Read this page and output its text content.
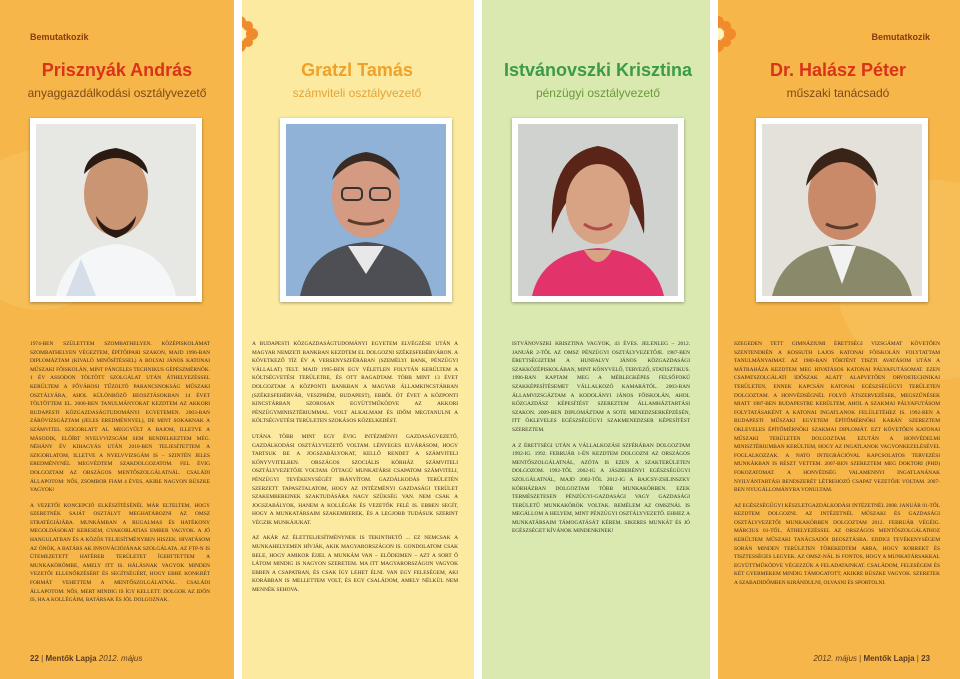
Bemutatkozik
Prisznyák András
anyaggazdálkodási osztályvezető

1974-BEN SZÜLETTEM SZOMBATHELYEN. KÖZÉPISKOLÁMAT SZOMBATHELYEN VÉGEZTEM, ÉPÍTŐIPARI SZAKON, MAJD 1996-BAN DIPLOMÁZTAM (KIVALÓ MINŐSÍTÉSSEL) A BOLYAI JÁNOS KATONAI MŰSZAKI FŐISKOLÁN, MINT PÁNCELES TECHNIKUS GÉPÉSZMÉRNÖK. 1 ÉV ASSODON TÖLTÖTT SZOLGÁLAT UTÁN ÁTHELYEZÉSSEL KERÜLTEM A FŐVÁROSI TŰZOLTÓ PARANCSNOKSÁG MŰSZAKI OSZTÁLYÁRA, AHOL KÜLÖNBÖZŐ BEOSZTÁSOKBAN 14 ÉVET TÖLTÖTTEM EL. 2000-BEN TANULMÁNYOKAT KEZDTEM AZ AKKORI BUDAPESTI KÖZGAZDASÁGTUDOMÁNYI EGYETEMEN. 2003-BAN ZÁRÓVIZSGÁZTAM (JELES EREDMÉNNYEL), DE MINT SOKAKNAK A SZÁMVITEL SZIGORLATT AL MEGGYŰLT A BAJOM, ILLETVE A MÁSODIK, ELŐÍRT NYELVVIZSGÁM SEM RENDELKEZTEM MÉG. NÉHÁNY ÉV KIHAGYÁS UTÁN 2010-BEN TELJESÍTETTEM A SZIGORLATOM, ILLETVE A NYELVVIZSGÁM IS – SZINTÉN JELES EREDMÉNYNÉL MEGVÉDTEM SZAKDOLGOZATOM. FEL ÉVIG DOLGOZTAM AZ ORSZÁGOS MENTŐSZOLGÁLATNÁL. CSALÁDI ÁLLAPOTOM: NŐS, ZSOMBOR FIAM 4 ÉVES, AKIRE NAGYON BÜSZKE VAGYOK!

A VEZETŐI KONCEPCIÓ ELKÉSZÍTÉSÉNÉL MÁR ELTELTEM, HOGY SZERETNÉK SAJÁT OSZTÁLYT MEGHATÁROZNI AZ OMSZ STRATÉGIÁJÁBA. MUNKÁMBAN A RUGALMAS ÉS HATÉKONY MEGOLDÁSOKAT KERESEM, GYAKORLATIAS EMBER VAGYOK. A JÓ HANGULATBAN ÉS A KÖZÖS TELJESÍTMÉNYBEN HISZEK. HIVATÁSOM AZ ÖNÖK, A BATÁRS AK INNOVÁCIÓJÁNAK SZOLGÁLATA. AZ FTP-N IS ÜTEMEZETETT HATÉREB TERÜLETET ÍGERTTETTEM A MUNKAKÖRÖMBE, AMELY ITT IS. HÁLÁSNAK VAGYOK MINDEN VEZETŐI ELLENŐRZÉSÉRT ÉS SEGÍTSÉGÉRT, HOGY EBBE KONKRÉT FORMÁT VEHETTEM A MENTŐSZOLGÁLATNÁL. CSALÁDI ÁLLAPOTOM: NŐS, MERT MINDIG IS ÍGY KELLETT. DOLGOK AZ IDŐN IS, HA A KOLLÉGÁIM, BATÁRSAK ÉS JÓL DOLGOZNAK.

22 | Mentők Lapja 2012. május
Gratzl Tamás
számviteli osztályvezető

A BUDAPESTI KÖZGAZDASÁGTUDOMÁNYI EGYETEM ELVÉGZÉSE UTÁN A MAGYAR NEMZETI BANKBAN KEZDTEM EL DOLGOZNI SZÉKESFEHÉRVÁRON. A KÖVETKEZŐ TÍZ ÉV A VERSENYSZFÉRÁBAN (SZEMÉLYI BANK, PÉNZÜGYI VÁLLALAT) TELT. MAJD 1995-BEN EGY VÉLETLEN FOLYTÁN KERÜLTEM A KÖLTSÉGVETÉSI TERÜLETRE, ÉS OTT RAGADTAM. TÖBB MINT 13 ÉVET DOLGOZTAM A KÖZPONTI BANKBAN A MAGYAR ÁLLAMKINCSTÁRBAN (SZÉKESFEHÉRVÁR, VESZPRÉM, BUDAPEST), EBBŐL ÖT ÉVET A KÖZPONTI KINCSTÁRBAN SZOROSAN EGYÜTTMŰKÖDVE AZ AKKORI PÉNZÜGYMINISZTÉRIUMMAL. VOLT ALKALMAM ÉS IDŐM MEGTANULNI A KÖLTSÉGVETÉSI TERÜLETEN SZOKÁSOS KÖZELKEDÉST.

UTÁNA TÖBB MINT EGY ÉVIG INTÉZMÉNYI GAZDASÁGVEZETŐ, GAZDÁLKODÁSI OSZTÁLYVEZETŐ VOLTAM. LÉNYEGES ELVÁRÁSOM, HOGY TARTSUK BE A JOGSZABÁLYOKAT, KELLŐ RENDET A SZÁMVITELI KÖNYVVITELBEN. ORSZÁGOS SZOCIÁLIS KÓRHÁZ SZÁMVITELI OSZTÁLYVEZETŐJE VOLTAM. ÖTTAGÚ MUNKATÁRSI CSAPATOM SZÁMVITELI, PÉNZÜGYI TEVÉKENYSÉGÉT IRÁNYÍTOM. GAZDÁLKODÁS TERÜLETÉN SZERZETT TAPASZTALATOM, HOGY AZ INTÉZMÉNYI GAZDASÁGI TERÜLET SZAKEMBEREINEK SZAKTUDÁSÁRA NAGY SZÜKSÉG VAN. NEM CSAK A JOGSZABÁLYOK, HANEM A KOLLÉGÁK ÉS VEZETŐK FELÉ IS. EBBEN SEGÍT, HOGY A MUNKATÁRSAIM SZAKEMBEREK, ÉS A LEGJOBB TUDÁSUK SZERINT VÉGZIK MUNKÁJUKAT.

AZ AKÁR AZ ÉLETTELJESÍTMÉNYNEK IS TEKINTHETŐ ... EZ NEMCSAK A MUNKAHELYEMEN HÍVJÁK, AKIK MAGYARORSZÁGON IS. GONDOLATOM CSAK BELE, HOGY AMIKOR ÉJJEL A MUNKÁM VAN – ELŐDEIMEN – AZT A SORT Ő LÁTOM MINDIG IS NAGYON SZERETEM. MA ITT MAGYARORSZÁGON VAGYOK EBBEN A CSAPATBAN, ÉS CSAK ÍGY LEHET ÉLNI. VAN EGY FELESÉGEM, AKI KORÁBBAN IS MELLETTEM VOLT, ÉS EGY CSALÁDOM, AMELY NÉLKÜL NEM MENNÉK SEHOVA.

Istvánovszki Krisztina
pénzügyi osztályvezető

ISTVÁNOVSZKI KRISZTINA VAGYOK, 43 ÉVES. JELENLEG – 2012. JANUÁR 2-TŐL AZ OMSZ PÉNZÜGYI OSZTÁLYVEZETŐJE. 1987-BEN ÉRETTSÉGIZTEM A HUNFALVY JÁNOS KÖZGAZDASÁGI SZAKKÖZÉPISKOLÁBAN, MINT KÖNYVELŐ, TERVEZŐ, STATISZTIKUS. 1996-BAN KAPTAM MEG A MÉRLEGKÉPES FELSŐFOKÚ SZAKKÉPESÍTÉSEMET VÁLLALKOZÓ KAMARÁTÓL. 2003-BAN ÁLLAMVIZSGÁZTAM A KODOLÁNYI JÁNOS FŐISKOLÁN, AHOL KÖZGAZDÁSZ KÉPESÍTÉST SZEREZTEM ÁLLAMHÁZTARTÁSI SZAKON. 2009-BEN DIPLOMÁZTAM A SOTE MENEDZSERKÉPZÉSÉN, ITT ÖKLEVELES EGÉSZSÉGÜGYI SZAKMENEDZSER KÉPESÍTÉST SZEREZTEM.

A Z ÉRETTSÉGI UTÁN A VÁLLALKOZÁSI SZFÉRÁBAN DOLGOZTAM 1992-IG. 1992. FEBRUÁR 1-ÉN KEZDTEM DOLGOZNI AZ ORSZÁGOS MENTŐSZOLGÁLATNÁL, AZÓTA IS EZEN A SZAKTERÜLETEN DOLGOZOM. 1992-TŐL 2002-IG A JÁSZBERÉNYI EGÉSZSÉGÜGYI SZOLGÁLATNÁL, MAJD 2002-TŐL 2012-IG A BAJCSY-ZSILINSZKY KÓRHÁZBAN DOLGOZTAM TÖBB MUNKAKÖRBEN. EZEK TERMÉSZETESEN PÉNZÜGYI-GAZDASÁGI VAGY GAZDASÁGI TERÜLETŰ MUNKAKÖRÖK VOLTAK. REMÉLEM AZ OMSZNÁL IS MEGÁLLOM A HELYEM, MINT PÉNZÜGYI OSZTÁLYVEZETŐ. EHHEZ A MUNKATÁRSAIM TÁMOGATÁSÁT KÉREM. SIKERES MUNKÁT ÉS JÓ EGÉSZSÉGET KÍVÁNOK MINDENKINEK!

Bemutatkozik
Dr. Halász Péter
műszaki tanácsadó

SZEGEDEN TETT GIMNÁZIUMI ÉRETTSÉGI VIZSGÁMAT KÖVETŐEN SZENTENDRÉN A KOSSUTH LAJOS KATONAI FŐISKOLÁN FOLYTATTAM TANULMÁNYAIMAT. AZ 1980-BAN TÖRTÉNT TISZTI AVATÁSOM UTÁN A MÁTRAHÁZA KEZDTEM MEG HIVATÁSOS KATONAI PÁLYAFUTÁSOMAT. EZEN CSAPATSZOLGÁLATI IDŐSZAK ALATT ALAPVETŐEN ORVOSTECHNIKAI TERÜLETEN, ENNEK KAPCSÁN KATONAI EGÉSZSÉGÜGYI TERÜLETEN DOLGOZTAM. A HONVÉDSÉGNÉL FOLYÓ ÁTSZERVEZÉSEK, MEGSZŰNÉSEK MIATT 1987-BEN BUDAPESTRE KERÜLTEM, AHOL A SZAKMAI PÁLYAFUTÁSOM FOLYTATÁSAKÉNT A KATONAI INGATLANOK FELÜLETÉHEZ IS. 1992-BEN A BUDAPESTI MŰSZAKI EGYETEM ÉPÍTŐMÉRNÖKI KARÁN SZEREZTEM OKLEVELES ÉPÍTŐMÉRNÖKI SZAKMAI DIPLOMÁT. EZT KÖVETŐEN KATONAI MŰSZAKI TERÜLETEN DOLGOZTAM. EZUTÁN A HONVÉDELMI MINISZTÉRIUMBAN KERÜLTEM, HOGY AZ INGATLANOK VAGYONKEZELÉSÉVEL FOGLALKOZZAK. A NATO INTEGRÁCIÓVAL KAPCSOLATOS TERVEZÉSI MUNKÁKBAN IS RÉSZT VETTEM. 2007-BEN SZEREZTEM MEG DOKTORI (PHD) FOKOZATOMAT. A HONVÉDSÉG VALAMENNYI INGATLANÁNAK NYILVÁNTARTÁSI RENDSZERÉT LÉTREHOZÓ CSAPAT VEZETŐJE VOLTAM. 2007-BEN NYUGÁLLOMÁNYBA VONULTAM.

AZ EGÉSZSÉGÜGYI KÉSZLETGAZDÁLKODÁSI INTÉZETNÉL 2008. JANUÁR 01-TŐL KEZDTEM DOLGOZNI. AZ INTÉZETNÉL MŰSZAKI ÉS GAZDASÁGI OSZTÁLYVEZETŐI MUNKAKÖRBEN DOLGOZTAM 2012. FEBRUÁR VÉGÉIG. MÁRCIUS 01-TŐL, ÁTHELYEZÉSSEL AZ ORSZÁGOS MENTŐSZOLGÁLATHOZ KERÜLTEM MŰSZAKI TANÁCSADÓI BEOSZTÁSBA. EDDIGI TEVÉKENYSÉGEM SORÁN MINDEN TERÜLETEN TÖREKEDTEM ARRA, HOGY KORREKT ÉS TISZTESSÉGES LEGYEK. AZ OMSZ-NÁL IS FONTOS, HOGY A MUNKATÁRSAKKAL EGYÜTTMŰKÖDVE VÉGEZZÜK A FELADATAINKAT. CSALÁDOM, FELESÉGEM ÉS KÉT GYERMEKEM MINDIG TÁMOGATOTT, AKIKRE BÜSZKE VAGYOK. SZERETEK A SZABADIDŐMBEN KIRÁNDULNI, OLVASNI ÉS SPORTOLNI.

2012. május | Mentők Lapja | 23
